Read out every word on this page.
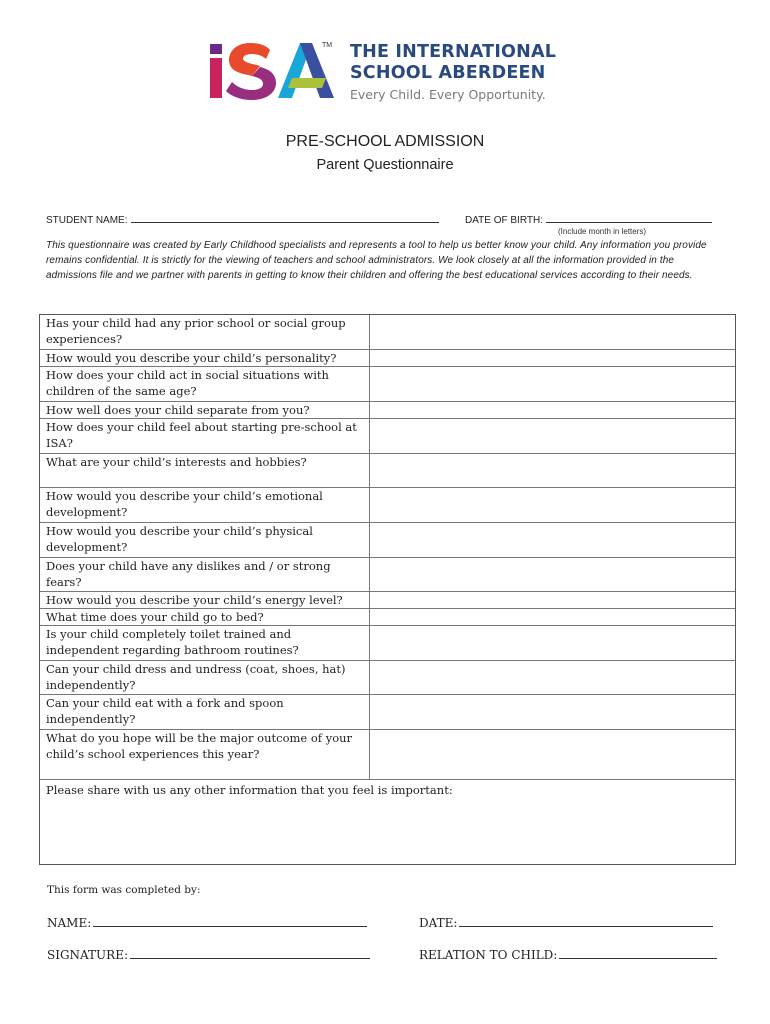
TM THE INTERNATIONAL
SCHOOL ABERDEEN
Every Child. Every Opportunity.
PRE-SCHOOL ADMISSION
Parent Questionnaire
STUDENT NAME:	DATE OF BIRTH:
(Include month in letters)
This questionnaire was created by Early Childhood specialists and represents a tool to help us better know your child. Any information you provide remains confidential. It is strictly for the viewing of teachers and school administrators. We look closely at all the information provided in the admissions file and we partner with parents in getting to know their children and offering the best educational services according to their needs.
Has your child had any prior school or social group experiences?
How would you describe your child’s personality?
How does your child act in social situations with children of the same age?
How well does your child separate from you?
How does your child feel about starting pre-school at ISA?
What are your child’s interests and hobbies?
How would you describe your child’s emotional development?
How would you describe your child’s physical development?
Does your child have any dislikes and / or strong fears?
How would you describe your child’s energy level?
What time does your child go to bed?
Is your child completely toilet trained and independent regarding bathroom routines?
Can your child dress and undress (coat, shoes, hat) independently?
Can your child eat with a fork and spoon independently?
What do you hope will be the major outcome of your child’s school experiences this year?
Please share with us any other information that you feel is important:
This form was completed by:
NAME:	DATE:
SIGNATURE:	RELATION TO CHILD:
